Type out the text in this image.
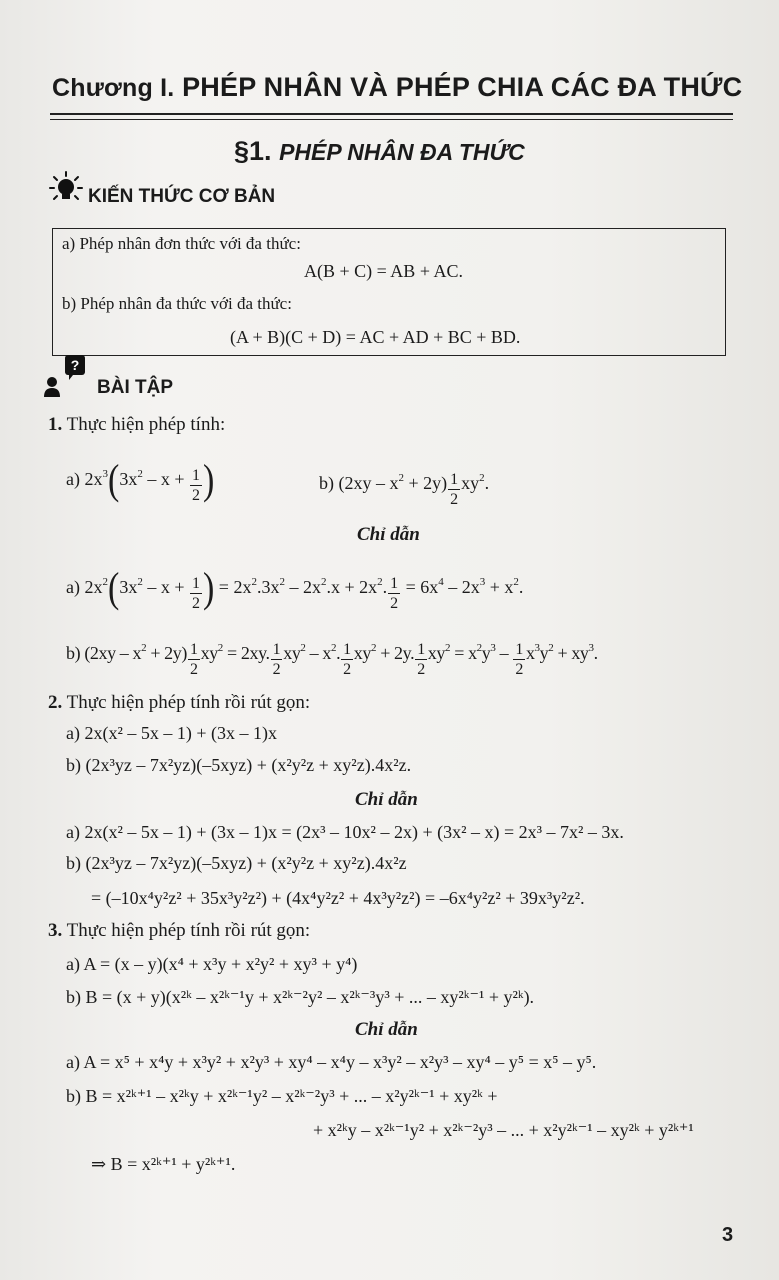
Chương I. PHÉP NHÂN VÀ PHÉP CHIA CÁC ĐA THỨC
§1. PHÉP NHÂN ĐA THỨC
KIẾN THỨC CƠ BẢN
a) Phép nhân đơn thức với đa thức:
A(B + C) = AB + AC.
b) Phép nhân đa thức với đa thức:
(A + B)(C + D) = AC + AD + BC + BD.
?
BÀI TẬP
1. Thực hiện phép tính:
a) $2x^3(3x^2 - x + \frac{1}{2}$ )	b) $(2xy - x^2 + 2y) \frac{1}{2} xy^2$.
Chỉ dẫn
a) $2x^2(3x^2 - x + \frac{1}{2}$ ) = $2x^2.3x^2 - 2x^2.x + 2x^2$. $\frac{1}{2} = 6x^4 - 2x^3 + x^2$.
b) $(2xy - x^2 + 2y) \frac{1}{2} xy^2 = 2xy$. $\frac{1}{2} xy^2 - x^2$. $\frac{1}{2} xy^2 + 2y$. $\frac{1}{2} xy^2 = x^2y^3 - \frac{1}{2} x^3y^2 + xy^3$.
2. Thực hiện phép tính rồi rút gọn:
a) 2x(x² – 5x – 1) + (3x – 1)x
b) (2x³yz – 7x²yz)(–5xyz) + (x²y²z + xy²z).4x²z.
Chỉ dẫn
a) 2x(x² – 5x – 1) + (3x – 1)x = (2x³ – 10x² – 2x) + (3x² – x) = 2x³ – 7x² – 3x.
b) (2x³yz – 7x²yz)(–5xyz) + (x²y²z + xy²z).4x²z
= (–10x⁴y²z² + 35x³y²z²) + (4x⁴y²z² + 4x³y²z²) = –6x⁴y²z² + 39x³y²z².
3. Thực hiện phép tính rồi rút gọn:
a) A = (x – y)(x⁴ + x³y + x²y² + xy³ + y⁴)
b) B = (x + y)(x²ᵏ – x²ᵏ⁻¹y + x²ᵏ⁻²y² – x²ᵏ⁻³y³ + ... – xy²ᵏ⁻¹ + y²ᵏ).
Chỉ dẫn
a) A = x⁵ + x⁴y + x³y² + x²y³ + xy⁴ – x⁴y – x³y² – x²y³ – xy⁴ – y⁵ = x⁵ – y⁵.
b) B = x²ᵏ⁺¹ – x²ᵏy + x²ᵏ⁻¹y² – x²ᵏ⁻²y³ + ... – x²y²ᵏ⁻¹ + xy²ᵏ +
+ x²ᵏy – x²ᵏ⁻¹y² + x²ᵏ⁻²y³ – ... + x²y²ᵏ⁻¹ – xy²ᵏ + y²ᵏ⁺¹
⇒ B = x²ᵏ⁺¹ + y²ᵏ⁺¹.
3
